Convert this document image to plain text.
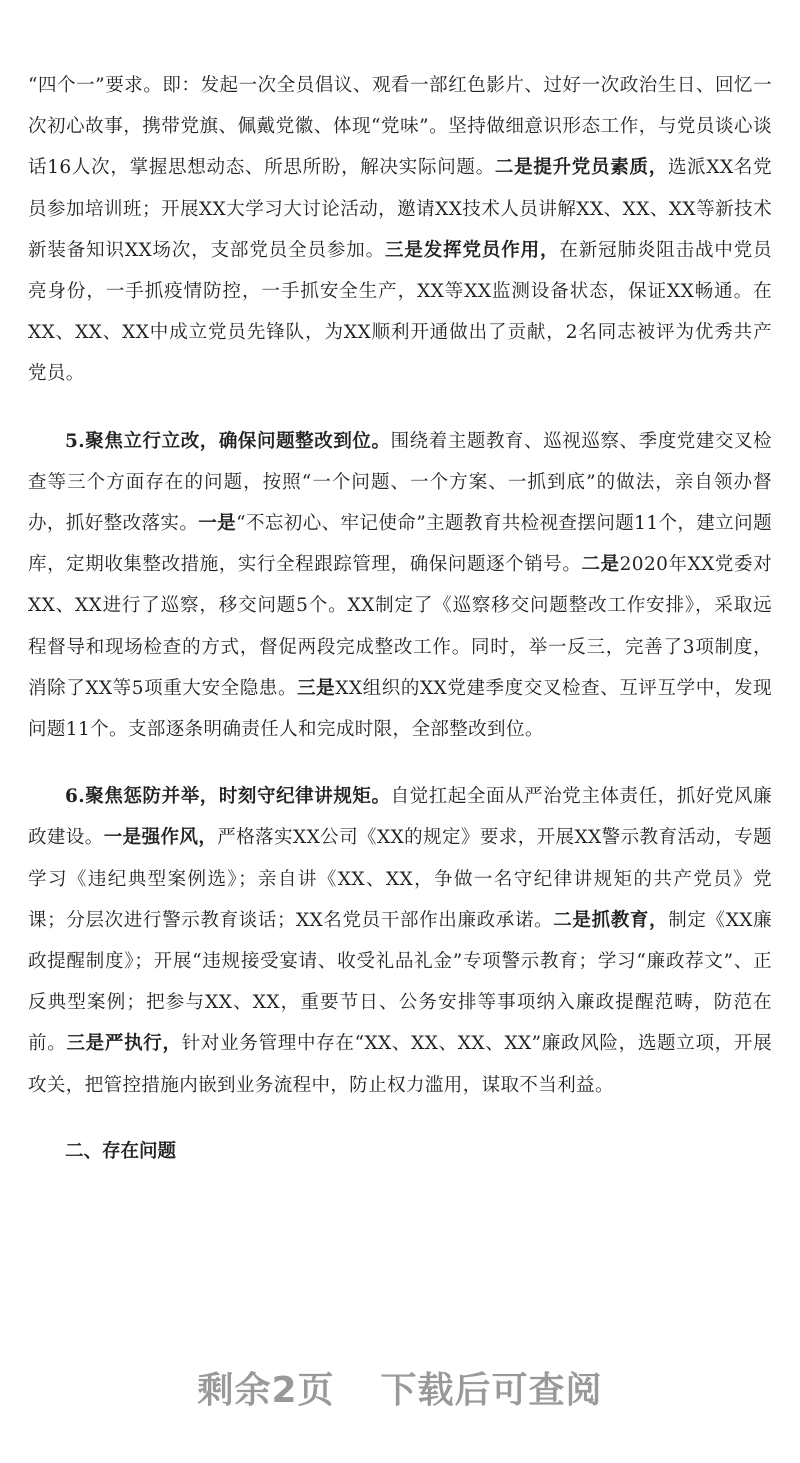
“四个一”要求。即：发起一次全员倡议、观看一部红色影片、过好一次政治生日、回忆一次初心故事，携带党旗、佩戴党徽、体现“党味”。坚持做细意识形态工作，与党员谈心谈话16人次，掌握思想动态、所思所盼，解决实际问题。二是提升党员素质，选派XX名党员参加培训班；开展XX大学习大讨论活动，邀请XX技术人员讲解XX、XX、XX等新技术新装备知识XX场次，支部党员全员参加。三是发挥党员作用，在新冠肺炎阻击战中党员亮身份，一手抓疫情防控，一手抓安全生产，XX等XX监测设备状态，保证XX畅通。在XX、XX、XX中成立党员先锋队，为XX顺利开通做出了贡献，2名同志被评为优秀共产党员。

5.聚焦立行立改，确保问题整改到位。围绕着主题教育、巡视巡察、季度党建交叉检查等三个方面存在的问题，按照“一个问题、一个方案、一抓到底”的做法，亲自领办督办，抓好整改落实。一是“不忘初心、牢记使命”主题教育共检视查摆问题11个，建立问题库，定期收集整改措施，实行全程跟踪管理，确保问题逐个销号。二是2020年XX党委对XX、XX进行了巡察，移交问题5个。XX制定了《巡察移交问题整改工作安排》，采取远程督导和现场检查的方式，督促两段完成整改工作。同时，举一反三，完善了3项制度，消除了XX等5项重大安全隐患。三是XX组织的XX党建季度交叉检查、互评互学中，发现问题11个。支部逐条明确责任人和完成时限，全部整改到位。

6.聚焦惩防并举，时刻守纪律讲规矩。自觉扛起全面从严治党主体责任，抓好党风廉政建设。一是强作风，严格落实XX公司《XX的规定》要求，开展XX警示教育活动，专题学习《违纪典型案例选》；亲自讲《XX、XX，争做一名守纪律讲规矩的共产党员》党课；分层次进行警示教育谈话；XX名党员干部作出廉政承诺。二是抓教育，制定《XX廉政提醒制度》；开展“违规接受宴请、收受礼品礼金”专项警示教育；学习“廉政荐文”、正反典型案例；把参与XX、XX，重要节日、公务安排等事项纳入廉政提醒范畴，防范在前。三是严执行，针对业务管理中存在“XX、XX、XX、XX”廉政风险，选题立项，开展攻关，把管控措施内嵌到业务流程中，防止权力滥用，谋取不当利益。

二、存在问题
剩余2页 下载后可查阅
